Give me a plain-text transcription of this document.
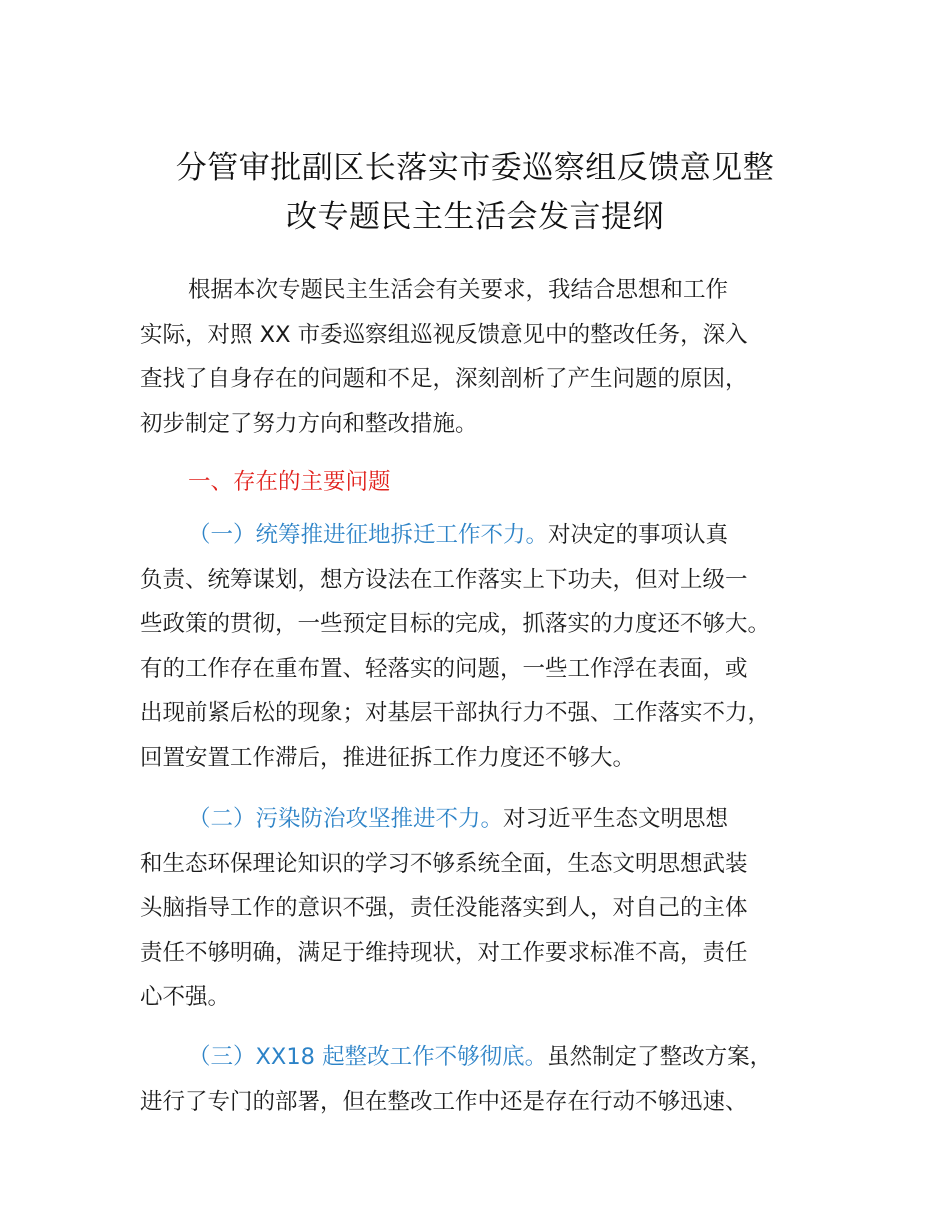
分管审批副区长落实市委巡察组反馈意见整
改专题民主生活会发言提纲
根据本次专题民主生活会有关要求，我结合思想和工作
实际，对照 XX 市委巡察组巡视反馈意见中的整改任务，深入
查找了自身存在的问题和不足，深刻剖析了产生问题的原因，
初步制定了努力方向和整改措施。
一、存在的主要问题
（一）统筹推进征地拆迁工作不力。对决定的事项认真
负责、统筹谋划，想方设法在工作落实上下功夫，但对上级一
些政策的贯彻，一些预定目标的完成，抓落实的力度还不够大。
有的工作存在重布置、轻落实的问题，一些工作浮在表面，或
出现前紧后松的现象；对基层干部执行力不强、工作落实不力，
回置安置工作滞后，推进征拆工作力度还不够大。
（二）污染防治攻坚推进不力。对习近平生态文明思想
和生态环保理论知识的学习不够系统全面，生态文明思想武装
头脑指导工作的意识不强，责任没能落实到人，对自己的主体
责任不够明确，满足于维持现状，对工作要求标准不高，责任
心不强。
（三）XX18 起整改工作不够彻底。虽然制定了整改方案，
进行了专门的部署，但在整改工作中还是存在行动不够迅速、
